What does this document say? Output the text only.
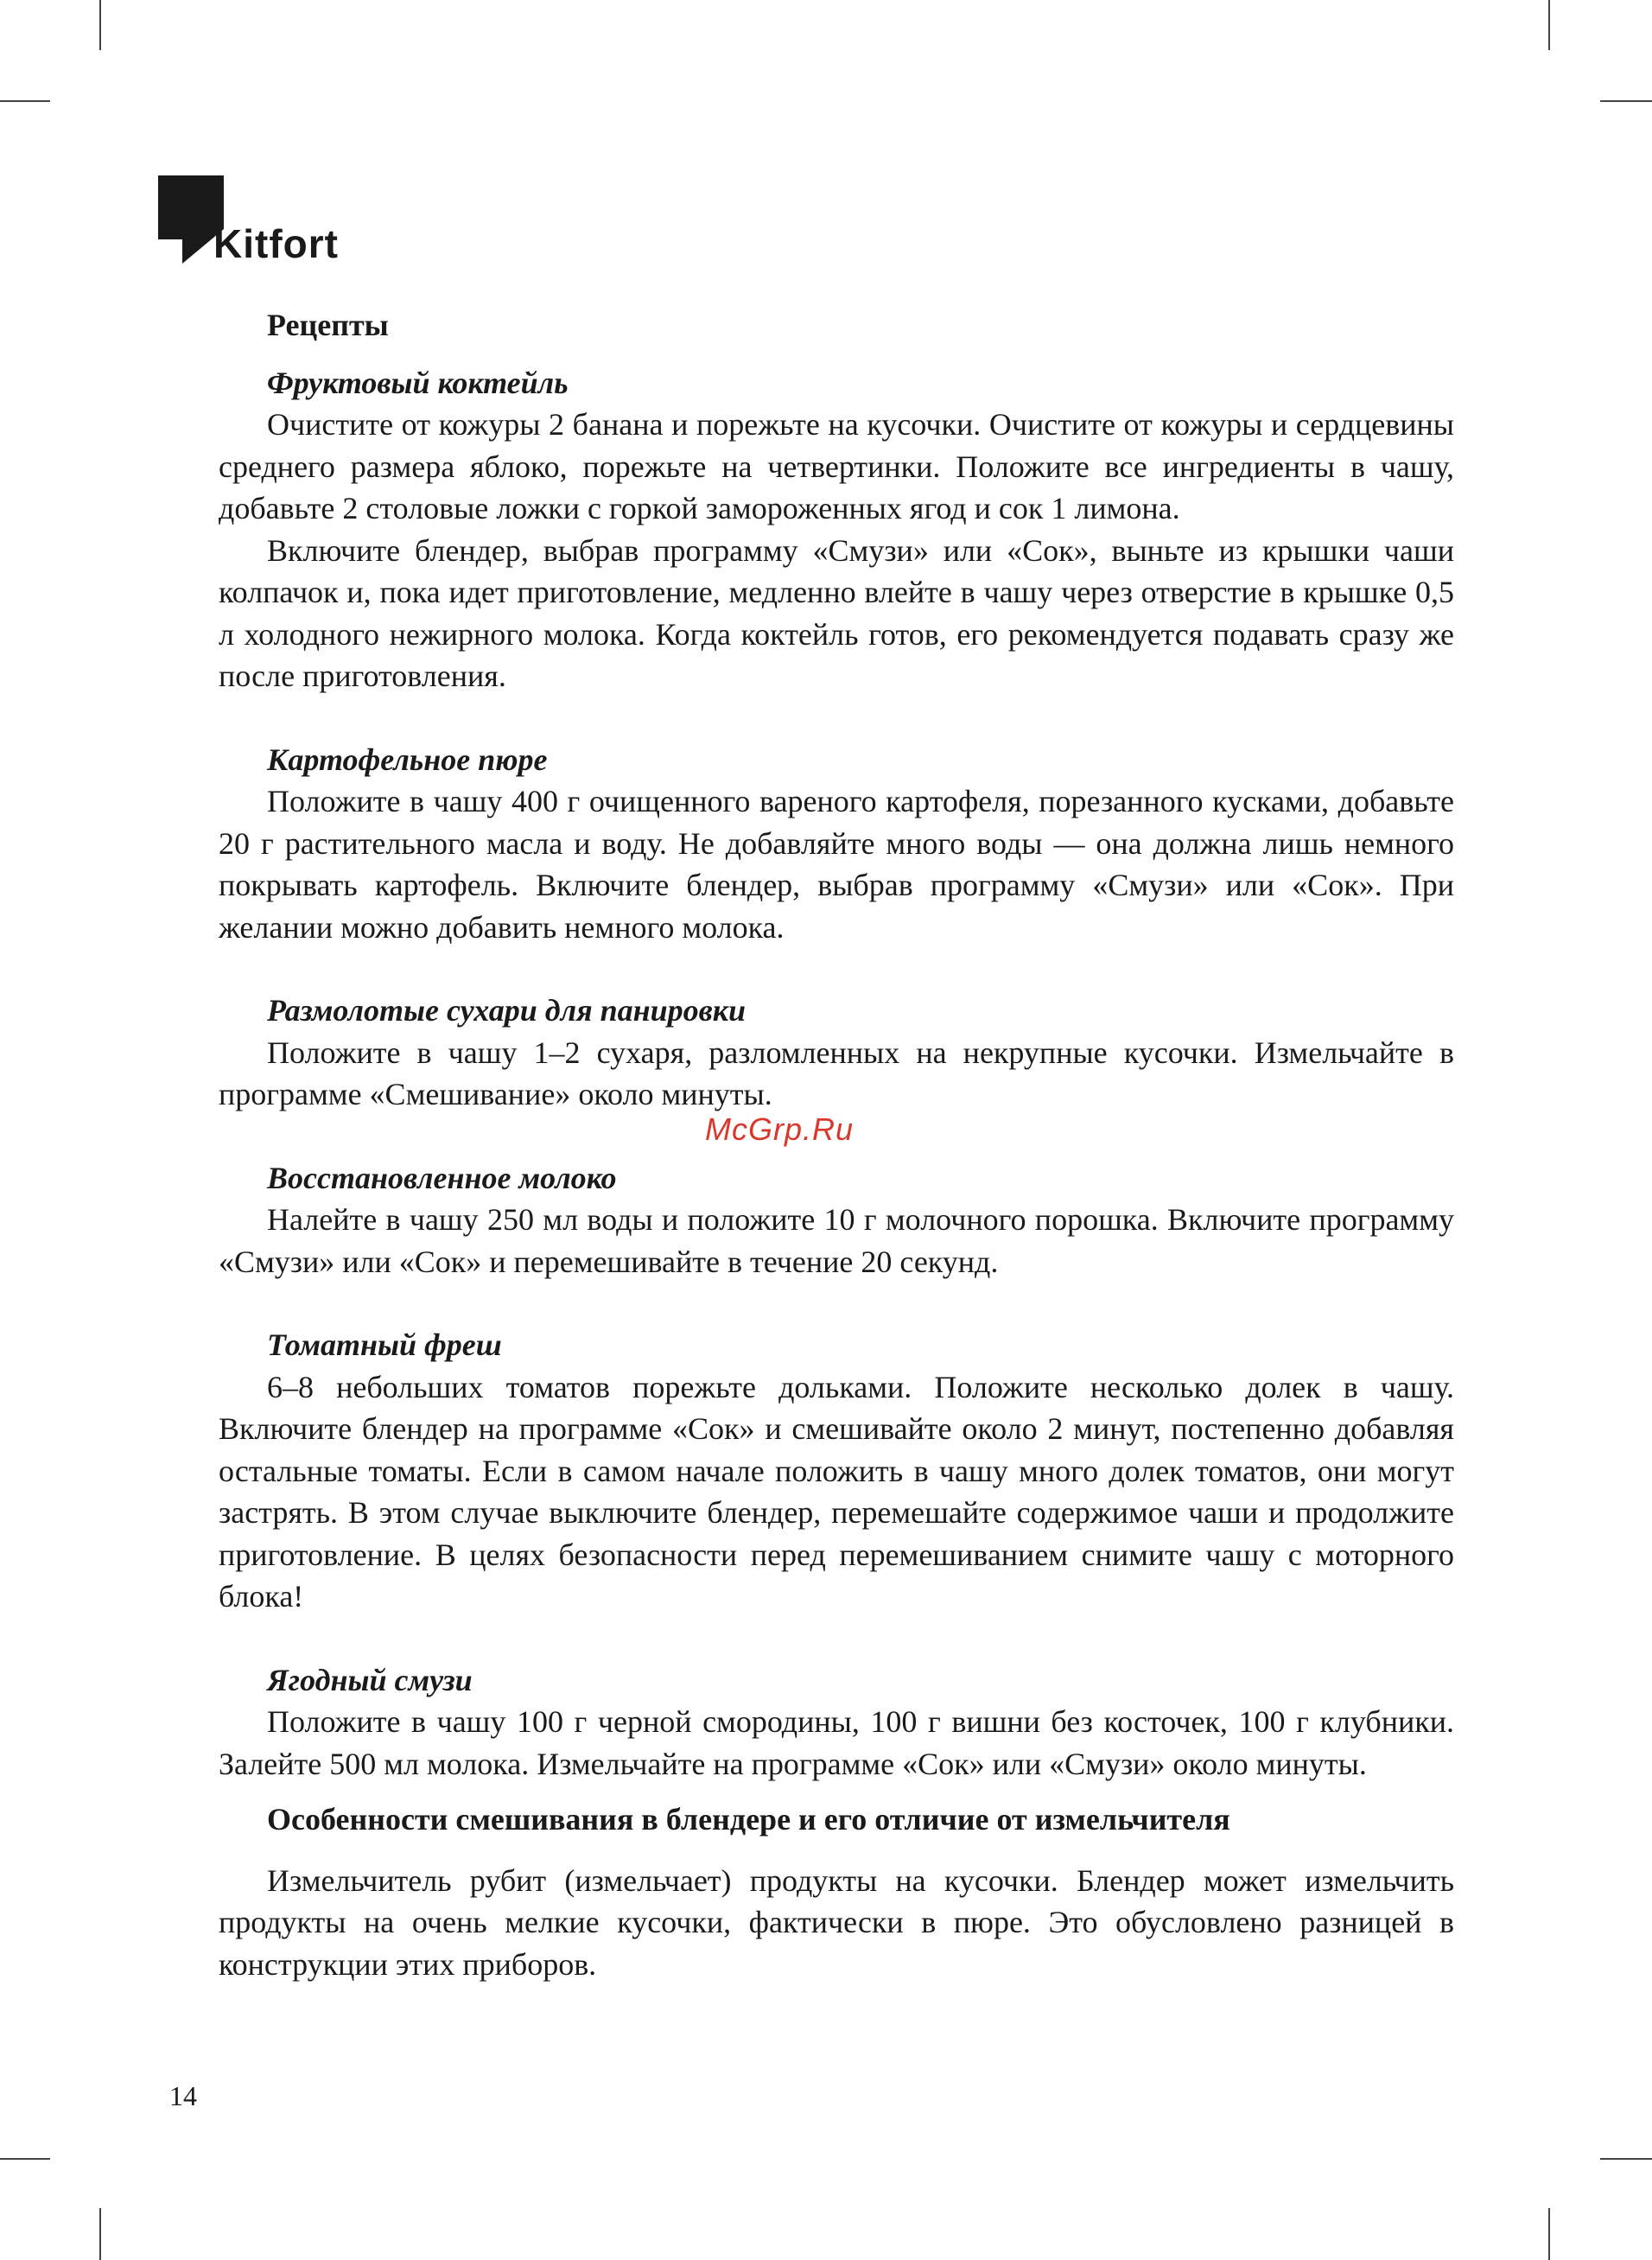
Kitfort

Рецепты

Фруктовый коктейль

Очистите от кожуры 2 банана и порежьте на кусочки. Очистите от кожуры и сердцевины среднего размера яблоко, порежьте на четвертинки. Положите все ингредиенты в чашу, добавьте 2 столовые ложки с горкой замороженных ягод и сок 1 лимона.

Включите блендер, выбрав программу «Смузи» или «Сок», выньте из крышки чаши колпачок и, пока идет приготовление, медленно влейте в чашу через отверстие в крышке 0,5 л холодного нежирного молока. Когда коктейль готов, его рекомендуется подавать сразу же после приготовления.

Картофельное пюре

Положите в чашу 400 г очищенного вареного картофеля, порезанного кусками, добавьте 20 г растительного масла и воду. Не добавляйте много воды — она должна лишь немного покрывать картофель. Включите блендер, выбрав программу «Смузи» или «Сок». При желании можно добавить немного молока.

Размолотые сухари для панировки

Положите в чашу 1–2 сухаря, разломленных на некрупные кусочки. Измельчайте в программе «Смешивание» около минуты.

Восстановленное молоко

Налейте в чашу 250 мл воды и положите 10 г молочного порошка. Включите программу «Смузи» или «Сок» и перемешивайте в течение 20 секунд.

Томатный фреш

6–8 небольших томатов порежьте дольками. Положите несколько долек в чашу. Включите блендер на программе «Сок» и смешивайте около 2 минут, постепенно добавляя остальные томаты. Если в самом начале положить в чашу много долек томатов, они могут застрять. В этом случае выключите блендер, перемешайте содержимое чаши и продолжите приготовление. В целях безопасности перед перемешиванием снимите чашу с моторного блока!

Ягодный смузи

Положите в чашу 100 г черной смородины, 100 г вишни без косточек, 100 г клубники. Залейте 500 мл молока. Измельчайте на программе «Сок» или «Смузи» около минуты.

Особенности смешивания в блендере и его отличие от измельчителя

Измельчитель рубит (измельчает) продукты на кусочки. Блендер может измельчить продукты на очень мелкие кусочки, фактически в пюре. Это обусловлено разницей в конструкции этих приборов.

McGrp.Ru
14
